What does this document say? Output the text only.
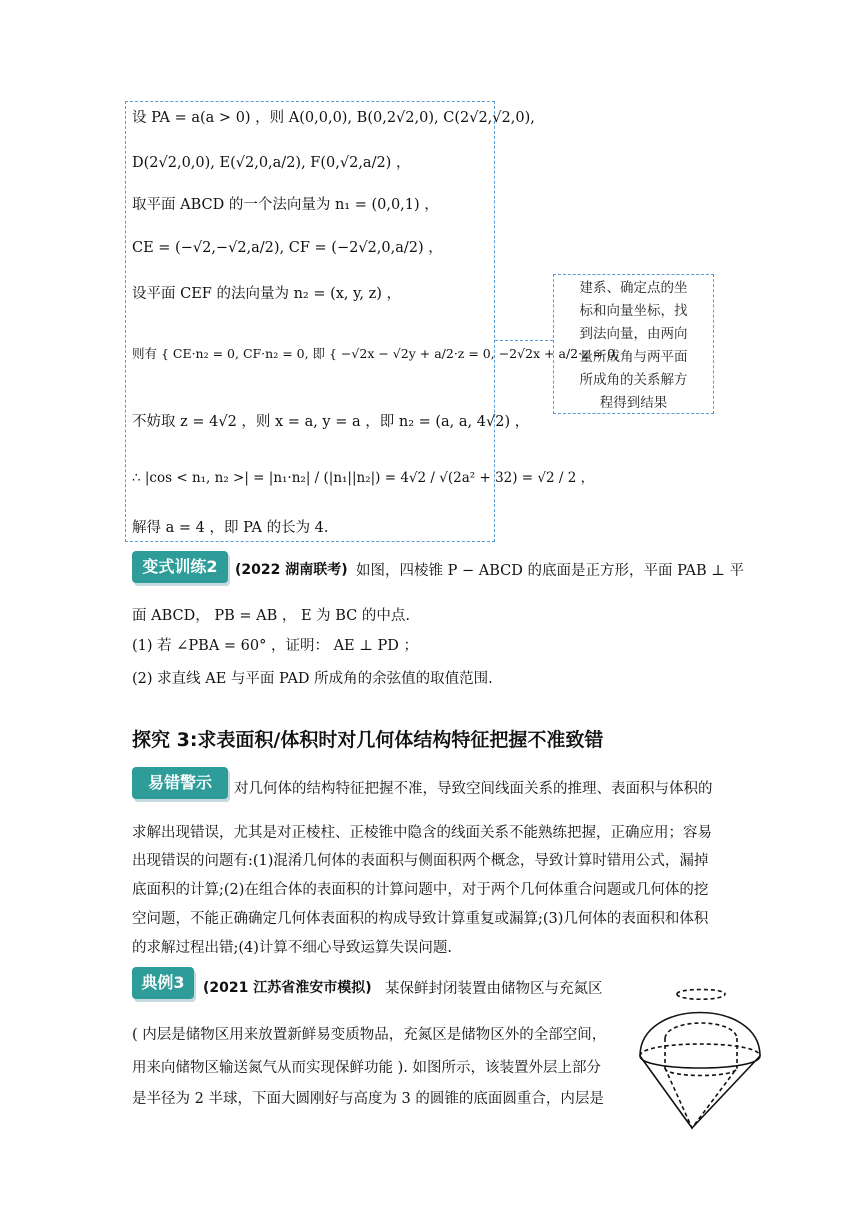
设 PA = a(a > 0) ，则 A(0,0,0), B(0,2√2,0), C(2√2,√2,0),
D(2√2,0,0), E(√2,0,a/2), F(0,√2,a/2) ，
取平面 ABCD 的一个法向量为 n₁ = (0,0,1) ，
CE = (−√2,−√2,a/2), CF = (−2√2,0,a/2) ，
设平面 CEF 的法向量为 n₂ = (x, y, z) ，
则有 { CE·n₂ = 0, CF·n₂ = 0, 即 { −√2x − √2y + a/2·z = 0, −2√2x + a/2·z = 0,
不妨取 z = 4√2 ，则 x = a, y = a ，即 n₂ = (a, a, 4√2) ，
∴ |cos < n₁, n₂ >| = |n₁·n₂| / (|n₁||n₂|) = 4√2 / √(2a² + 32) = √2 / 2 ，
解得 a = 4 ，即 PA 的长为 4.
建系、确定点的坐
标和向量坐标，找
到法向量，由两向
量所成角与两平面
所成角的关系解方
程得到结果
变式训练2	(2022 湖南联考) 如图，四棱锥 P − ABCD 的底面是正方形，平面 PAB ⊥ 平
面 ABCD， PB = AB ， E 为 BC 的中点.
(1) 若 ∠PBA = 60° ，证明： AE ⊥ PD ；
(2) 求直线 AE 与平面 PAD 所成角的余弦值的取值范围.
探究 3:求表面积/体积时对几何体结构特征把握不准致错
易错警示	对几何体的结构特征把握不准，导致空间线面关系的推理、表面积与体积的
求解出现错误，尤其是对正棱柱、正棱锥中隐含的线面关系不能熟练把握，正确应用；容易
出现错误的问题有:(1)混淆几何体的表面积与侧面积两个概念，导致计算时错用公式，漏掉
底面积的计算;(2)在组合体的表面积的计算问题中，对于两个几何体重合问题或几何体的挖
空问题，不能正确确定几何体表面积的构成导致计算重复或漏算;(3)几何体的表面积和体积
的求解过程出错;(4)计算不细心导致运算失误问题.
典例3	(2021 江苏省淮安市模拟) 某保鲜封闭装置由储物区与充氮区
( 内层是储物区用来放置新鲜易变质物品，充氮区是储物区外的全部空间，
用来向储物区输送氮气从而实现保鲜功能 ). 如图所示，该装置外层上部分
是半径为 2 半球，下面大圆刚好与高度为 3 的圆锥的底面圆重合，内层是
